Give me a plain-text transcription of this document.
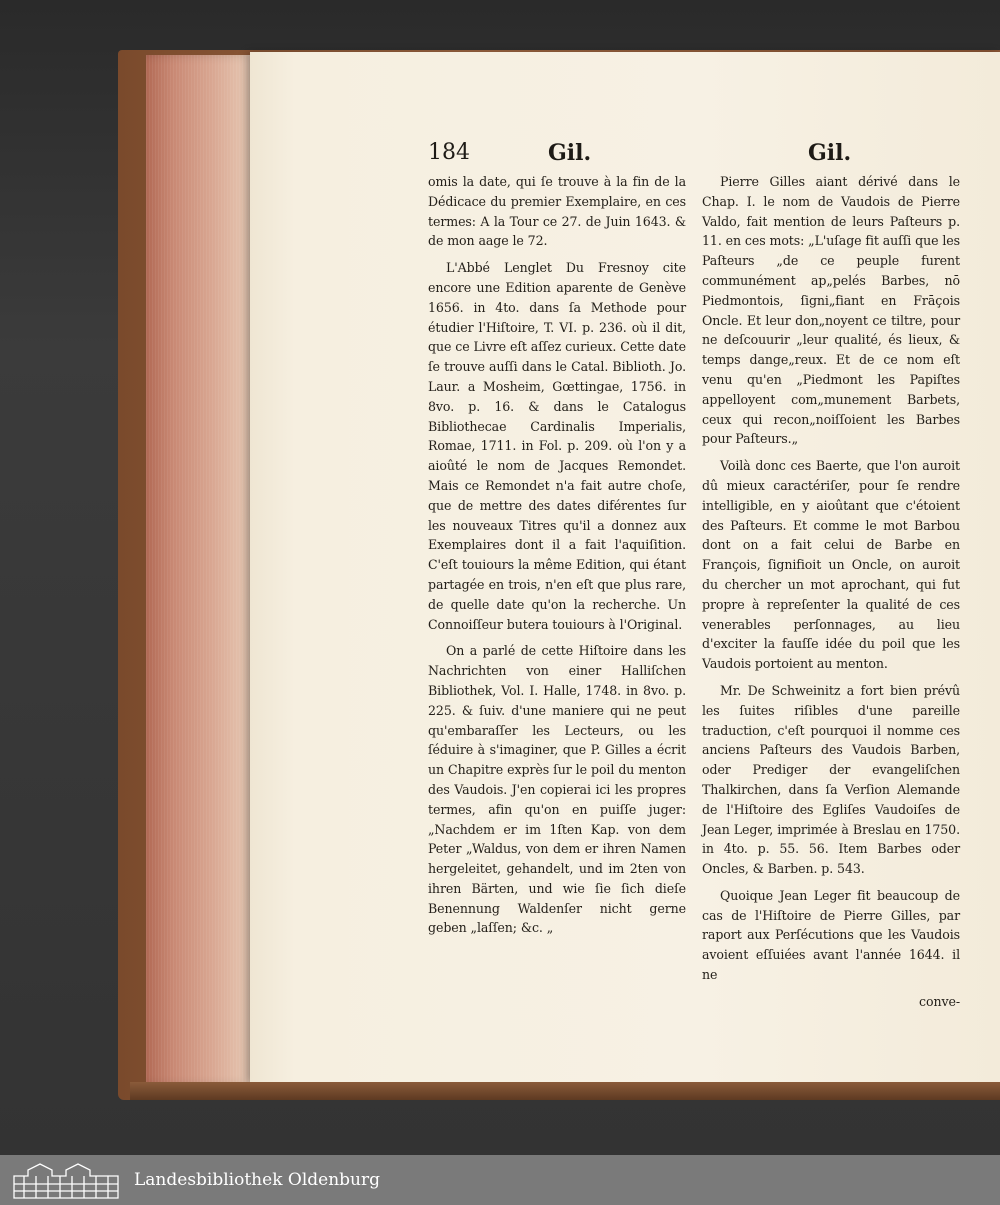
184	Gil.	Gil.

omis la date, qui ſe trouve à la fin de la Dédicace du premier Exemplaire, en ces termes: A la Tour ce 27. de Juin 1643. & de mon aage le 72.

L'Abbé Lenglet Du Fresnoy cite encore une Edition aparente de Genève 1656. in 4to. dans ſa Methode pour étudier l'Hiſtoire, T. VI. p. 236. où il dit, que ce Livre eſt aſſez curieux. Cette date ſe trouve auſſi dans le Catal. Biblioth. Jo. Laur. a Mosheim, Gœttingae, 1756. in 8vo. p. 16. & dans le Catalogus Bibliothecae Cardinalis Imperialis, Romae, 1711. in Fol. p. 209. où l'on y a aioûté le nom de Jacques Remondet. Mais ce Remondet n'a fait autre choſe, que de mettre des dates diférentes ſur les nouveaux Titres qu'il a donnez aux Exemplaires dont il a fait l'aquiſition. C'eſt touiours la même Edition, qui étant partagée en trois, n'en eſt que plus rare, de quelle date qu'on la recherche. Un Connoiſſeur butera touiours à l'Original.

On a parlé de cette Hiſtoire dans les Nachrichten von einer Halliſchen Bibliothek, Vol. I. Halle, 1748. in 8vo. p. 225. & ſuiv. d'une maniere qui ne peut qu'embaraſſer les Lecteurs, ou les ſéduire à s'imaginer, que P. Gilles a écrit un Chapitre exprès ſur le poil du menton des Vaudois. J'en copierai ici les propres termes, afin qu'on en puiſſe juger: „Nachdem er im 1ſten Kap. von dem Peter „Waldus, von dem er ihren Namen hergeleitet, gehandelt, und im 2ten von ihren Bärten, und wie ſie ſich dieſe Benennung Waldenſer nicht gerne geben „laſſen; &c. „

Pierre Gilles aiant dérivé dans le Chap. I. le nom de Vaudois de Pierre Valdo, fait mention de leurs Paſteurs p. 11. en ces mots: „L'uſage fit auſſi que les Paſteurs „de ce peuple furent communément ap„pelés Barbes, nō Piedmontois, ſigni„fiant en Frāçois Oncle. Et leur don„noyent ce tiltre, pour ne deſcouurir „leur qualité, és lieux, & temps dange„reux. Et de ce nom eſt venu qu'en „Piedmont les Papiſtes appelloyent com„munement Barbets, ceux qui recon„noiſſoient les Barbes pour Paſteurs.„

Voilà donc ces Baerte, que l'on auroit dû mieux caractériſer, pour ſe rendre intelligible, en y aioûtant que c'étoient des Paſteurs. Et comme le mot Barbou dont on a fait celui de Barbe en François, ſignifioit un Oncle, on auroit du chercher un mot aprochant, qui fut propre à repreſenter la qualité de ces venerables perſonnages, au lieu d'exciter la fauſſe idée du poil que les Vaudois portoient au menton.

Mr. De Schweinitz a fort bien prévû les ſuites riſibles d'une pareille traduction, c'eſt pourquoi il nomme ces anciens Paſteurs des Vaudois Barben, oder Prediger der evangeliſchen Thalkirchen, dans ſa Verſion Alemande de l'Hiſtoire des Egliſes Vaudoiſes de Jean Leger, imprimée à Breslau en 1750. in 4to. p. 55. 56. Item Barbes oder Oncles, & Barben. p. 543.

Quoique Jean Leger fit beaucoup de cas de l'Hiſtoire de Pierre Gilles, par raport aux Perſécutions que les Vaudois avoient eſſuiées avant l'année 1644. il ne

conve-

Landesbibliothek Oldenburg
